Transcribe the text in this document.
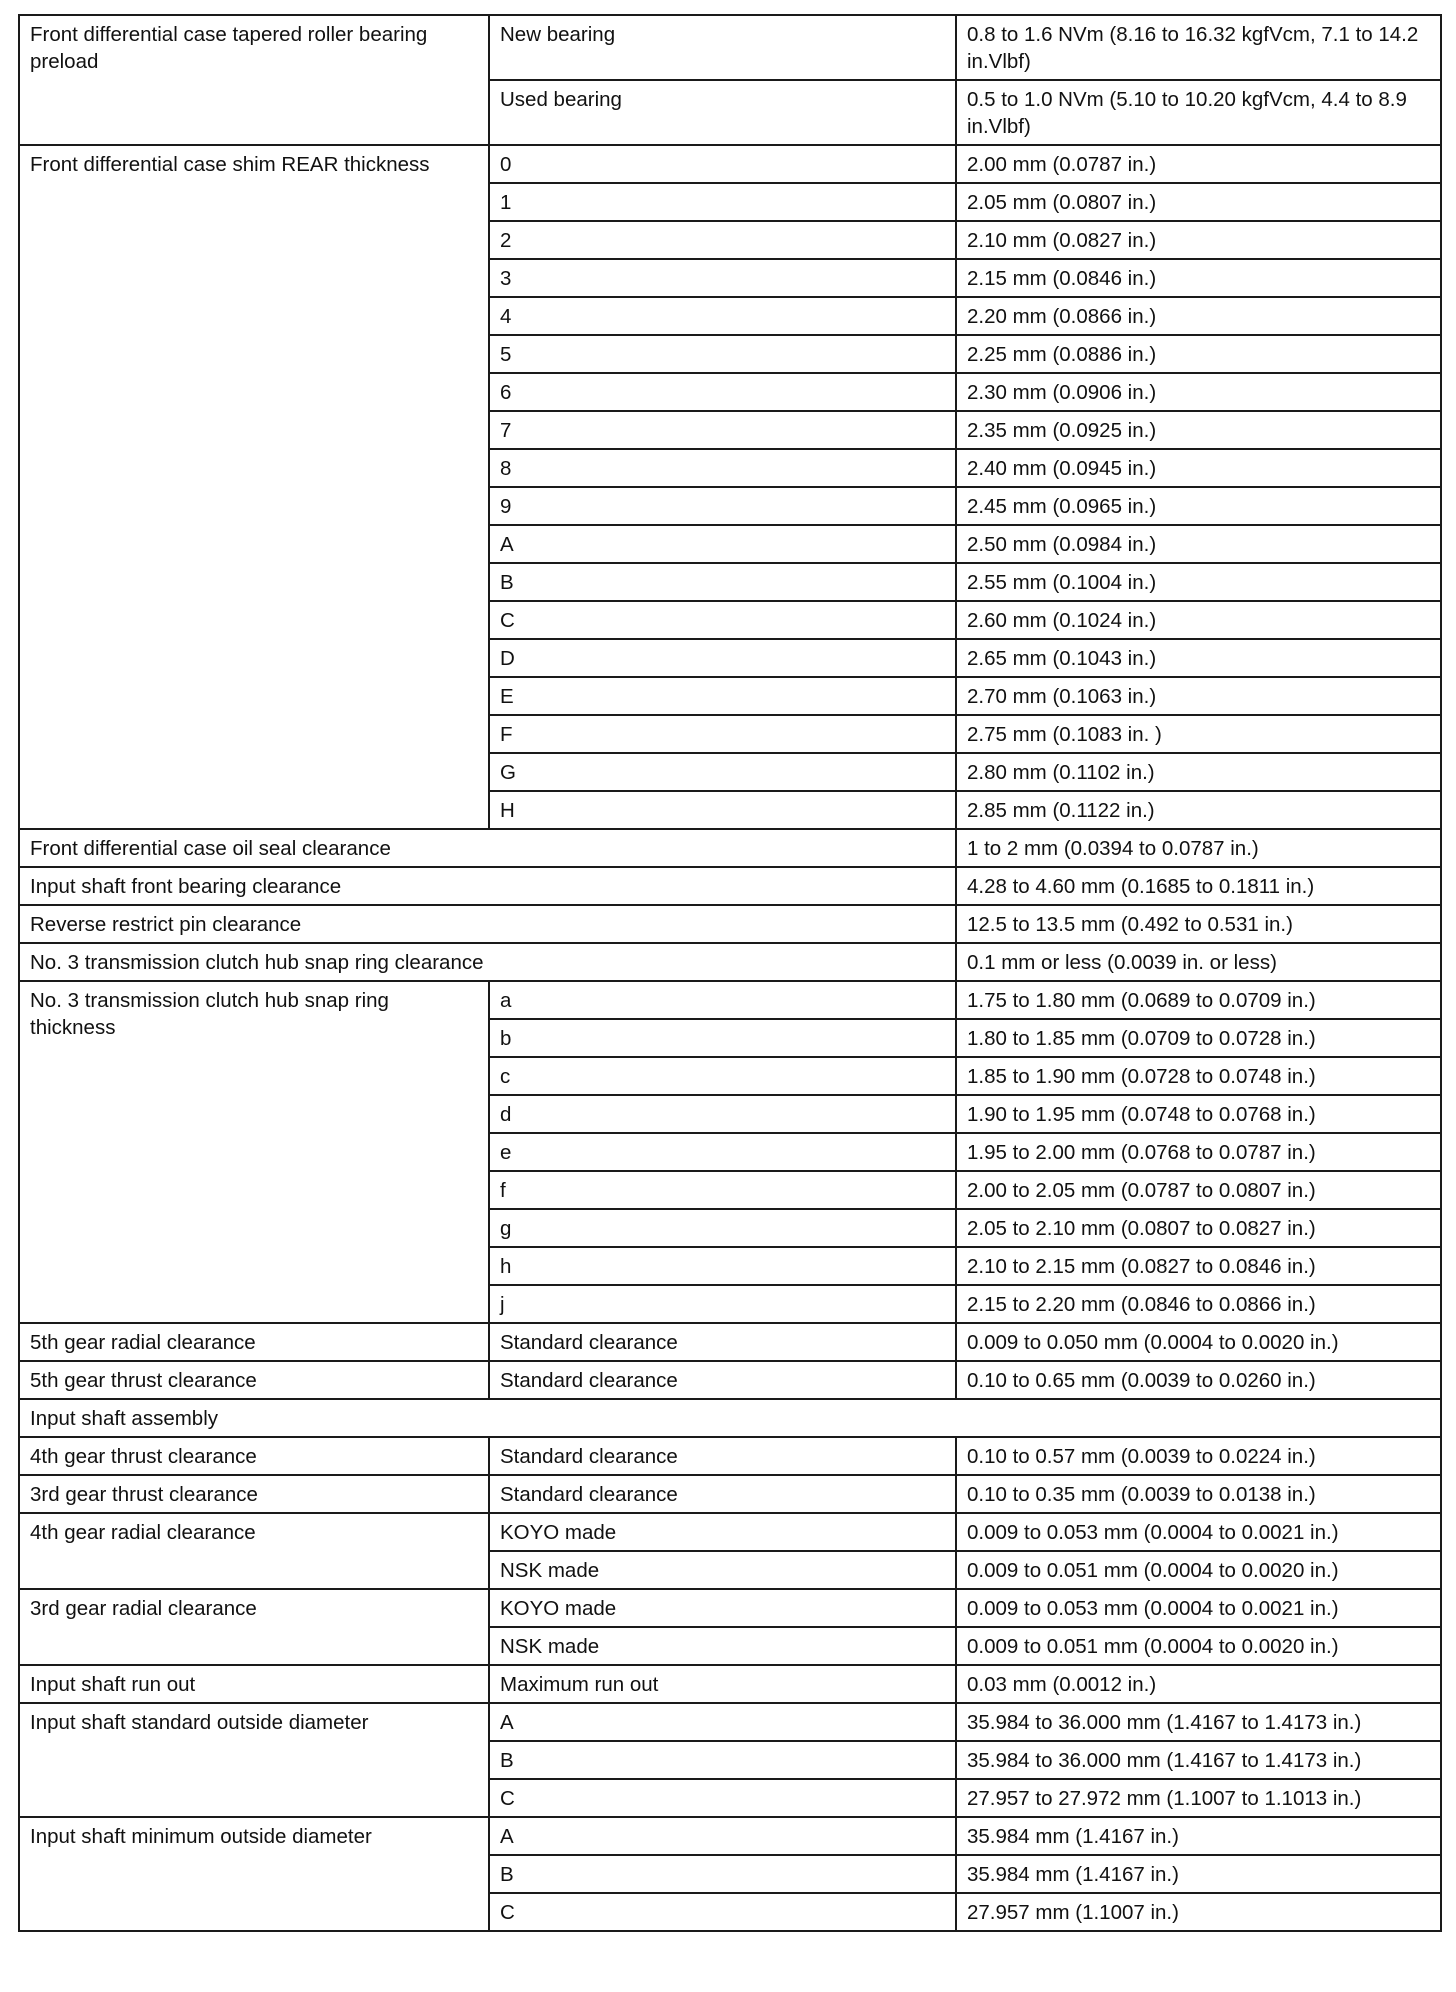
Front differential case tapered roller bearing preload	New bearing	0.8 to 1.6 NVm (8.16 to 16.32 kgfVcm, 7.1 to 14.2 in.Vlbf)
	Used bearing	0.5 to 1.0 NVm (5.10 to 10.20 kgfVcm, 4.4 to 8.9 in.Vlbf)
Front differential case shim REAR thickness	0	2.00 mm (0.0787 in.)
	1	2.05 mm (0.0807 in.)
	2	2.10 mm (0.0827 in.)
	3	2.15 mm (0.0846 in.)
	4	2.20 mm (0.0866 in.)
	5	2.25 mm (0.0886 in.)
	6	2.30 mm (0.0906 in.)
	7	2.35 mm (0.0925 in.)
	8	2.40 mm (0.0945 in.)
	9	2.45 mm (0.0965 in.)
	A	2.50 mm (0.0984 in.)
	B	2.55 mm (0.1004 in.)
	C	2.60 mm (0.1024 in.)
	D	2.65 mm (0.1043 in.)
	E	2.70 mm (0.1063 in.)
	F	2.75 mm (0.1083 in. )
	G	2.80 mm (0.1102 in.)
	H	2.85 mm (0.1122 in.)
Front differential case oil seal clearance		1 to 2 mm (0.0394 to 0.0787 in.)
Input shaft front bearing clearance		4.28 to 4.60 mm (0.1685 to 0.1811 in.)
Reverse restrict pin clearance		12.5 to 13.5 mm (0.492 to 0.531 in.)
No. 3 transmission clutch hub snap ring clearance		0.1 mm or less (0.0039 in. or less)
No. 3 transmission clutch hub snap ring thickness	a	1.75 to 1.80 mm (0.0689 to 0.0709 in.)
	b	1.80 to 1.85 mm (0.0709 to 0.0728 in.)
	c	1.85 to 1.90 mm (0.0728 to 0.0748 in.)
	d	1.90 to 1.95 mm (0.0748 to 0.0768 in.)
	e	1.95 to 2.00 mm (0.0768 to 0.0787 in.)
	f	2.00 to 2.05 mm (0.0787 to 0.0807 in.)
	g	2.05 to 2.10 mm (0.0807 to 0.0827 in.)
	h	2.10 to 2.15 mm (0.0827 to 0.0846 in.)
	j	2.15 to 2.20 mm (0.0846 to 0.0866 in.)
5th gear radial clearance	Standard clearance	0.009 to 0.050 mm (0.0004 to 0.0020 in.)
5th gear thrust clearance	Standard clearance	0.10 to 0.65 mm (0.0039 to 0.0260 in.)
Input shaft assembly		
4th gear thrust clearance	Standard clearance	0.10 to 0.57 mm (0.0039 to 0.0224 in.)
3rd gear thrust clearance	Standard clearance	0.10 to 0.35 mm (0.0039 to 0.0138 in.)
4th gear radial clearance	KOYO made	0.009 to 0.053 mm (0.0004 to 0.0021 in.)
	NSK made	0.009 to 0.051 mm (0.0004 to 0.0020 in.)
3rd gear radial clearance	KOYO made	0.009 to 0.053 mm (0.0004 to 0.0021 in.)
	NSK made	0.009 to 0.051 mm (0.0004 to 0.0020 in.)
Input shaft run out	Maximum run out	0.03 mm (0.0012 in.)
Input shaft standard outside diameter	A	35.984 to 36.000 mm (1.4167 to 1.4173 in.)
	B	35.984 to 36.000 mm (1.4167 to 1.4173 in.)
	C	27.957 to 27.972 mm (1.1007 to 1.1013 in.)
Input shaft minimum outside diameter	A	35.984 mm (1.4167 in.)
	B	35.984 mm (1.4167 in.)
	C	27.957 mm (1.1007 in.)
